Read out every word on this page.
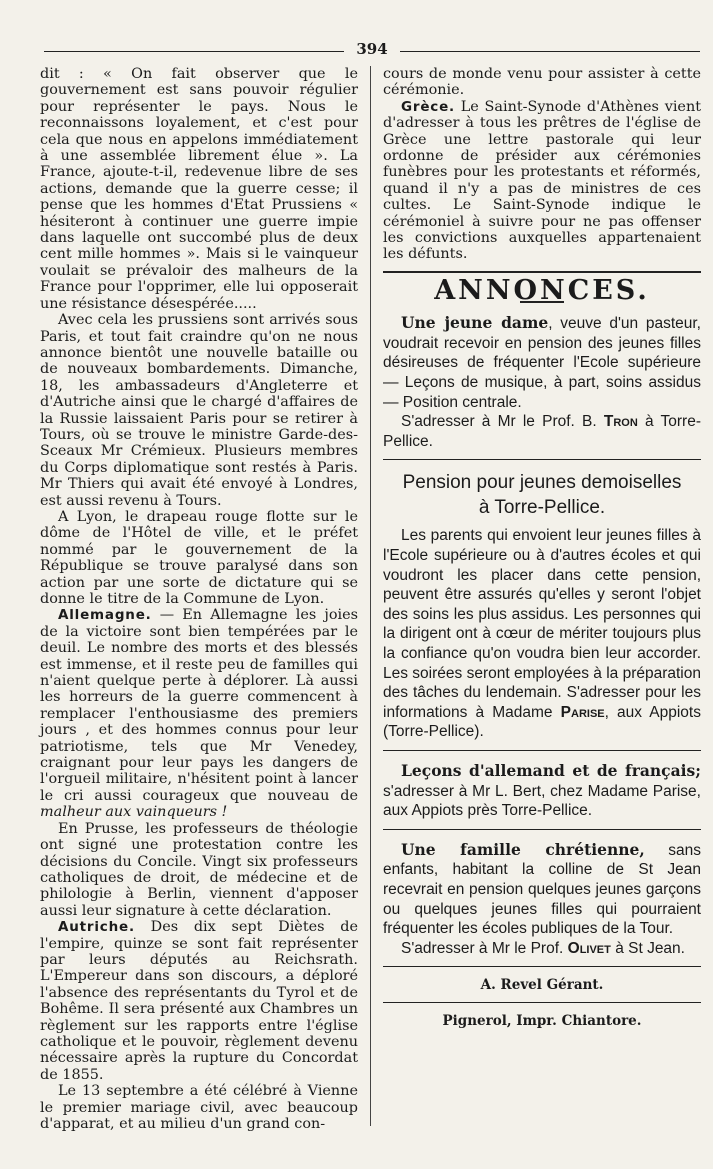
394

dit : « On fait observer que le gouvernement est sans pouvoir régulier pour représenter le pays. Nous le reconnaissons loyalement, et c'est pour cela que nous en appelons immédiatement à une assemblée librement élue ». La France, ajoute-t-il, redevenue libre de ses actions, demande que la guerre cesse; il pense que les hommes d'Etat Prussiens « hésiteront à continuer une guerre impie dans laquelle ont succombé plus de deux cent mille hommes ». Mais si le vainqueur voulait se prévaloir des malheurs de la France pour l'opprimer, elle lui opposerait une résistance désespérée.....

Avec cela les prussiens sont arrivés sous Paris, et tout fait craindre qu'on ne nous annonce bientôt une nouvelle bataille ou de nouveaux bombardements. Dimanche, 18, les ambassadeurs d'Angleterre et d'Autriche ainsi que le chargé d'affaires de la Russie laissaient Paris pour se retirer à Tours, où se trouve le ministre Garde-des-Sceaux Mr Crémieux. Plusieurs membres du Corps diplomatique sont restés à Paris. Mr Thiers qui avait été envoyé à Londres, est aussi revenu à Tours.

A Lyon, le drapeau rouge flotte sur le dôme de l'Hôtel de ville, et le préfet nommé par le gouvernement de la République se trouve paralysé dans son action par une sorte de dictature qui se donne le titre de la Commune de Lyon.

Allemagne. — En Allemagne les joies de la victoire sont bien tempérées par le deuil. Le nombre des morts et des blessés est immense, et il reste peu de familles qui n'aient quelque perte à déplorer. Là aussi les horreurs de la guerre commencent à remplacer l'enthousiasme des premiers jours , et des hommes connus pour leur patriotisme, tels que Mr Venedey, craignant pour leur pays les dangers de l'orgueil militaire, n'hésitent point à lancer le cri aussi courageux que nouveau de malheur aux vainqueurs !

En Prusse, les professeurs de théologie ont signé une protestation contre les décisions du Concile. Vingt six professeurs catholiques de droit, de médecine et de philologie à Berlin, viennent d'apposer aussi leur signature à cette déclaration.

Autriche. Des dix sept Diètes de l'empire, quinze se sont fait représenter par leurs députés au Reichsrath. L'Empereur dans son discours, a déploré l'absence des représentants du Tyrol et de Bohême. Il sera présenté aux Chambres un règlement sur les rapports entre l'église catholique et le pouvoir, règlement devenu nécessaire après la rupture du Concordat de 1855.

Le 13 septembre a été célébré à Vienne le premier mariage civil, avec beaucoup d'apparat, et au milieu d'un grand con-

cours de monde venu pour assister à cette cérémonie.

Grèce. Le Saint-Synode d'Athènes vient d'adresser à tous les prêtres de l'église de Grèce une lettre pastorale qui leur ordonne de présider aux cérémonies funèbres pour les protestants et réformés, quand il n'y a pas de ministres de ces cultes. Le Saint-Synode indique le cérémoniel à suivre pour ne pas offenser les convictions auxquelles appartenaient les défunts.

ANNONCES.

Une jeune dame, veuve d'un pasteur, voudrait recevoir en pension des jeunes filles désireuses de fréquenter l'Ecole supérieure — Leçons de musique, à part, soins assidus — Position centrale.

S'adresser à Mr le Prof. B. Tron à Torre-Pellice.

Pension pour jeunes demoiselles
à Torre-Pellice.

Les parents qui envoient leur jeunes filles à l'Ecole supérieure ou à d'autres écoles et qui voudront les placer dans cette pension, peuvent être assurés qu'elles y seront l'objet des soins les plus assidus. Les personnes qui la dirigent ont à cœur de mériter toujours plus la confiance qu'on voudra bien leur accorder. Les soirées seront employées à la préparation des tâches du lendemain. S'adresser pour les informations à Madame Parise, aux Appiots (Torre-Pellice).

Leçons d'allemand et de français; s'adresser à Mr L. Bert, chez Madame Parise, aux Appiots près Torre-Pellice.

Une famille chrétienne, sans enfants, habitant la colline de St Jean recevrait en pension quelques jeunes garçons ou quelques jeunes filles qui pourraient fréquenter les écoles publiques de la Tour.

S'adresser à Mr le Prof. Olivet à St Jean.

A. Revel Gérant.
Pignerol, Impr. Chiantore.
